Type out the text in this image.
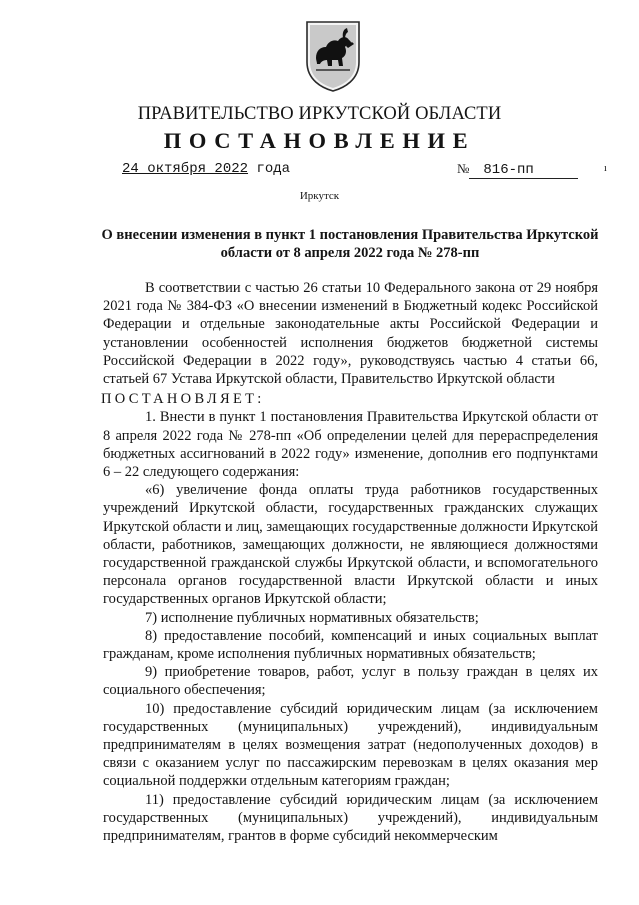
ПРАВИТЕЛЬСТВО ИРКУТСКОЙ ОБЛАСТИ
ПОСТАНОВЛЕНИЕ
24 октября 2022 года	№ 816-пп	ı
Иркутск
О внесении изменения в пункт 1 постановления Правительства Иркутской области от 8 апреля 2022 года № 278-пп

В соответствии с частью 26 статьи 10 Федерального закона от 29 ноября 2021 года № 384-ФЗ «О внесении изменений в Бюджетный кодекс Российской Федерации и отдельные законодательные акты Российской Федерации и установлении особенностей исполнения бюджетов бюджетной системы Российской Федерации в 2022 году», руководствуясь частью 4 статьи 66, статьей 67 Устава Иркутской области, Правительство Иркутской области

ПОСТАНОВЛЯЕТ:

1. Внести в пункт 1 постановления Правительства Иркутской области от 8 апреля 2022 года № 278-пп «Об определении целей для перераспределения бюджетных ассигнований в 2022 году» изменение, дополнив его подпунктами 6 – 22 следующего содержания:

«6) увеличение фонда оплаты труда работников государственных учреждений Иркутской области, государственных гражданских служащих Иркутской области и лиц, замещающих государственные должности Иркутской области, работников, замещающих должности, не являющиеся должностями государственной гражданской службы Иркутской области, и вспомогательного персонала органов государственной власти Иркутской области и иных государственных органов Иркутской области;

7) исполнение публичных нормативных обязательств;

8) предоставление пособий, компенсаций и иных социальных выплат гражданам, кроме исполнения публичных нормативных обязательств;

9) приобретение товаров, работ, услуг в пользу граждан в целях их социального обеспечения;

10) предоставление субсидий юридическим лицам (за исключением государственных (муниципальных) учреждений), индивидуальным предпринимателям в целях возмещения затрат (недополученных доходов) в связи с оказанием услуг по пассажирским перевозкам в целях оказания мер социальной поддержки отдельным категориям граждан;

11) предоставление субсидий юридическим лицам (за исключением государственных (муниципальных) учреждений), индивидуальным предпринимателям, грантов в форме субсидий некоммерческим
